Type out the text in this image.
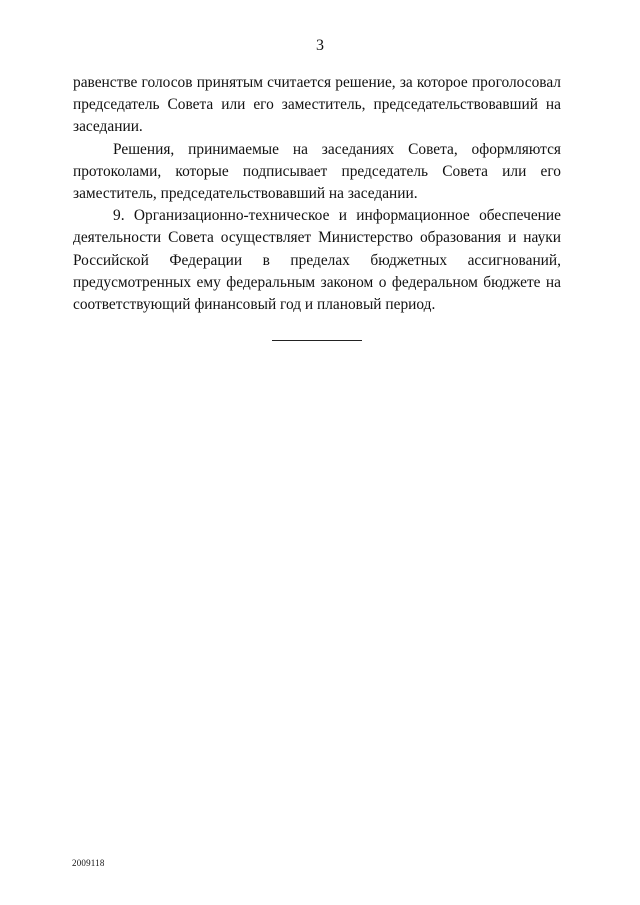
3

равенстве голосов принятым считается решение, за которое проголосовал председатель Совета или его заместитель, председательствовавший на заседании.

Решения, принимаемые на заседаниях Совета, оформляются протоколами, которые подписывает председатель Совета или его заместитель, председательствовавший на заседании.

9. Организационно-техническое и информационное обеспечение деятельности Совета осуществляет Министерство образования и науки Российской Федерации в пределах бюджетных ассигнований, предусмотренных ему федеральным законом о федеральном бюджете на соответствующий финансовый год и плановый период.

2009118
